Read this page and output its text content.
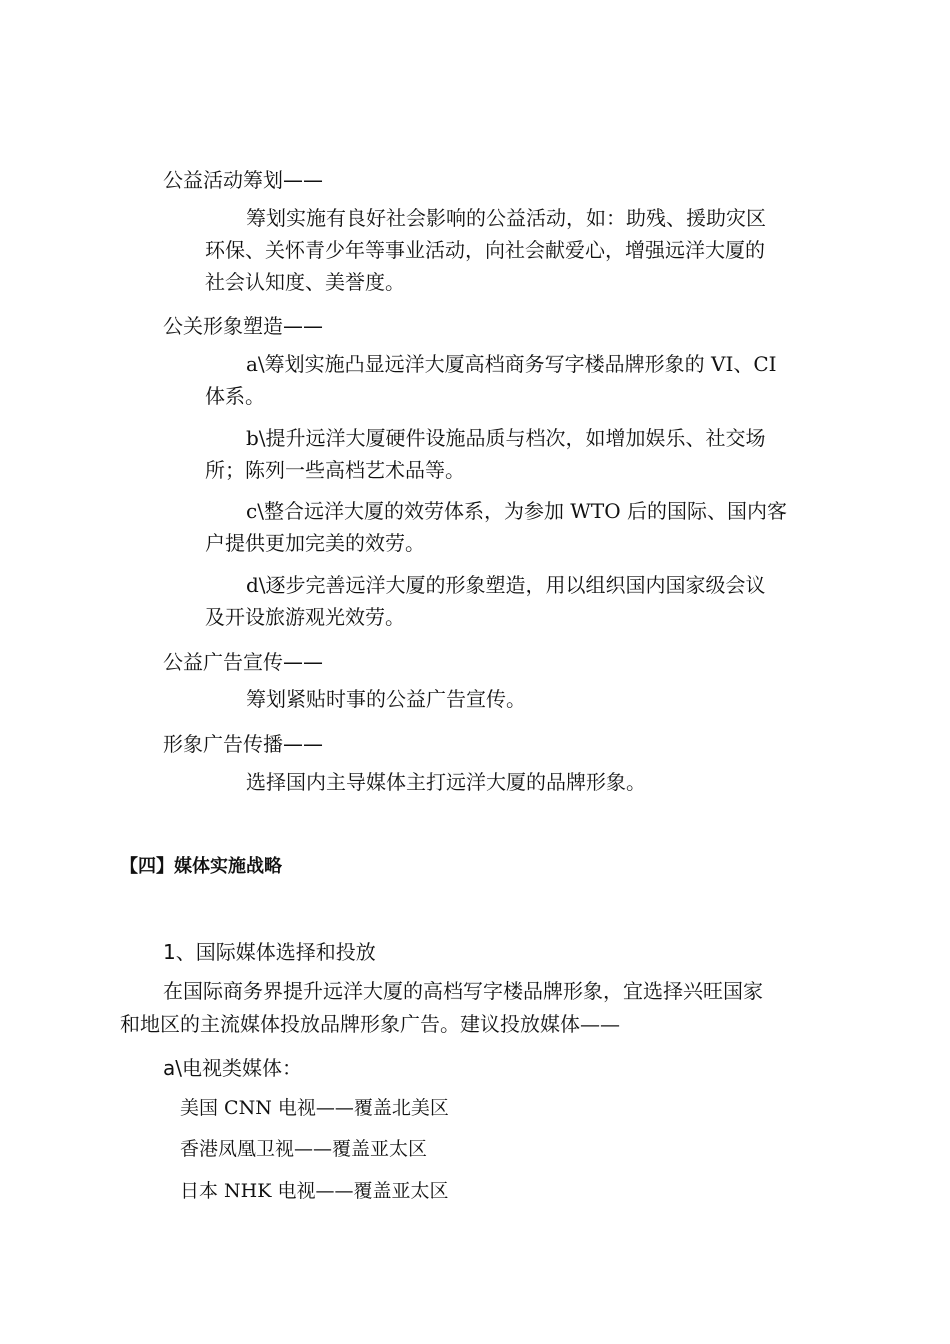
公益活动筹划——
筹划实施有良好社会影响的公益活动，如：助残、援助灾区
环保、关怀青少年等事业活动，向社会献爱心，增强远洋大厦的
社会认知度、美誉度。
公关形象塑造——
a\筹划实施凸显远洋大厦高档商务写字楼品牌形象的 VI、CI
体系。
b\提升远洋大厦硬件设施品质与档次，如增加娱乐、社交场
所；陈列一些高档艺术品等。
c\整合远洋大厦的效劳体系，为参加 WTO 后的国际、国内客
户提供更加完美的效劳。
d\逐步完善远洋大厦的形象塑造，用以组织国内国家级会议
及开设旅游观光效劳。
公益广告宣传——
筹划紧贴时事的公益广告宣传。
形象广告传播——
选择国内主导媒体主打远洋大厦的品牌形象。
【四】媒体实施战略
1、国际媒体选择和投放
在国际商务界提升远洋大厦的高档写字楼品牌形象，宜选择兴旺国家
和地区的主流媒体投放品牌形象广告。建议投放媒体——
a\电视类媒体：
美国 CNN 电视——覆盖北美区
香港凤凰卫视——覆盖亚太区
日本 NHK 电视——覆盖亚太区
